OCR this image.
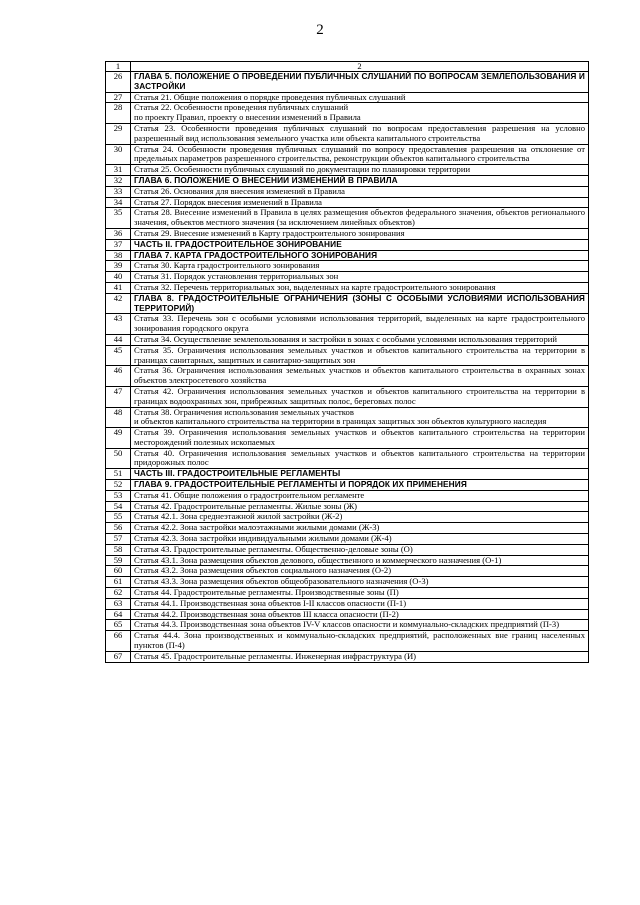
2
1	2
26	ГЛАВА 5. ПОЛОЖЕНИЕ О ПРОВЕДЕНИИ ПУБЛИЧНЫХ СЛУШАНИЙ ПО ВОПРОСАМ ЗЕМЛЕПОЛЬЗОВАНИЯ И ЗАСТРОЙКИ
27	Статья 21. Общие положения о порядке проведения публичных слушаний
28	Статья 22. Особенности проведения публичных слушаний
по проекту Правил, проекту о внесении изменений в Правила
29	Статья 23. Особенности проведения публичных слушаний по вопросам предоставления разрешения на условно разрешенный вид использования земельного участка или объекта капитального строительства
30	Статья 24. Особенности проведения публичных слушаний по вопросу предоставления разрешения на отклонение от предельных параметров разрешенного строительства, реконструкции объектов капитального строительства
31	Статья 25. Особенности публичных слушаний по документации по планировки территории
32	ГЛАВА 6. ПОЛОЖЕНИЕ О ВНЕСЕНИИ ИЗМЕНЕНИЙ В ПРАВИЛА
33	Статья 26. Основания для внесения изменений в Правила
34	Статья 27. Порядок внесения изменений в Правила
35	Статья 28. Внесение изменений в Правила в целях размещения объектов федерального значения, объектов регионального значения, объектов местного значения (за исключением линейных объектов)
36	Статья 29. Внесение изменений в Карту градостроительного зонирования
37	ЧАСТЬ II. ГРАДОСТРОИТЕЛЬНОЕ ЗОНИРОВАНИЕ
38	ГЛАВА 7. КАРТА ГРАДОСТРОИТЕЛЬНОГО ЗОНИРОВАНИЯ
39	Статья 30. Карта градостроительного зонирования
40	Статья 31. Порядок установления территориальных зон
41	Статья 32. Перечень территориальных зон, выделенных на карте градостроительного зонирования
42	ГЛАВА 8. ГРАДОСТРОИТЕЛЬНЫЕ ОГРАНИЧЕНИЯ (ЗОНЫ С ОСОБЫМИ УСЛОВИЯМИ ИСПОЛЬЗОВАНИЯ ТЕРРИТОРИЙ)
43	Статья 33. Перечень зон с особыми условиями использования территорий, выделенных на карте градостроительного зонирования городского округа
44	Статья 34. Осуществление землепользования и застройки в зонах с особыми условиями использования территорий
45	Статья 35. Ограничения использования земельных участков и объектов капитального строительства на территории в границах санитарных, защитных и санитарно-защитных зон
46	Статья 36. Ограничения использования земельных участков и объектов капитального строительства в охранных зонах объектов электросетевого хозяйства
47	Статья 42. Ограничения использования земельных участков и объектов капитального строительства на территории в границах водоохранных зон, прибрежных защитных полос, береговых полос
48	Статья 38. Ограничения использования земельных участков
и объектов капитального строительства на территории в границах защитных зон объектов культурного наследия
49	Статья 39. Ограничения использования земельных участков и объектов капитального строительства на территории месторождений полезных ископаемых
50	Статья 40. Ограничения использования земельных участков и объектов капитального строительства на территории придорожных полос
51	ЧАСТЬ III. ГРАДОСТРОИТЕЛЬНЫЕ РЕГЛАМЕНТЫ
52	ГЛАВА 9. ГРАДОСТРОИТЕЛЬНЫЕ РЕГЛАМЕНТЫ И ПОРЯДОК ИХ ПРИМЕНЕНИЯ
53	Статья 41. Общие положения о градостроительном регламенте
54	Статья 42. Градостроительные регламенты. Жилые зоны (Ж)
55	Статья 42.1. Зона среднеэтажной жилой застройки (Ж-2)
56	Статья 42.2. Зона застройки малоэтажными жилыми домами (Ж-3)
57	Статья 42.3. Зона застройки индивидуальными жилыми домами (Ж-4)
58	Статья 43. Градостроительные регламенты. Общественно-деловые зоны (О)
59	Статья 43.1. Зона размещения объектов делового, общественного и коммерческого назначения (О-1)
60	Статья 43.2. Зона размещения объектов социального назначения (О-2)
61	Статья 43.3. Зона размещения объектов общеобразовательного назначения (О-3)
62	Статья 44. Градостроительные регламенты. Производственные зоны (П)
63	Статья 44.1. Производственная зона объектов I-II классов опасности (П-1)
64	Статья 44.2. Производственная зона объектов III класса опасности (П-2)
65	Статья 44.3. Производственная зона объектов IV-V классов опасности и коммунально-складских предприятий (П-3)
66	Статья 44.4. Зона производственных и коммунально-складских предприятий, расположенных вне границ населенных пунктов (П-4)
67	Статья 45. Градостроительные регламенты. Инженерная инфраструктура (И)
